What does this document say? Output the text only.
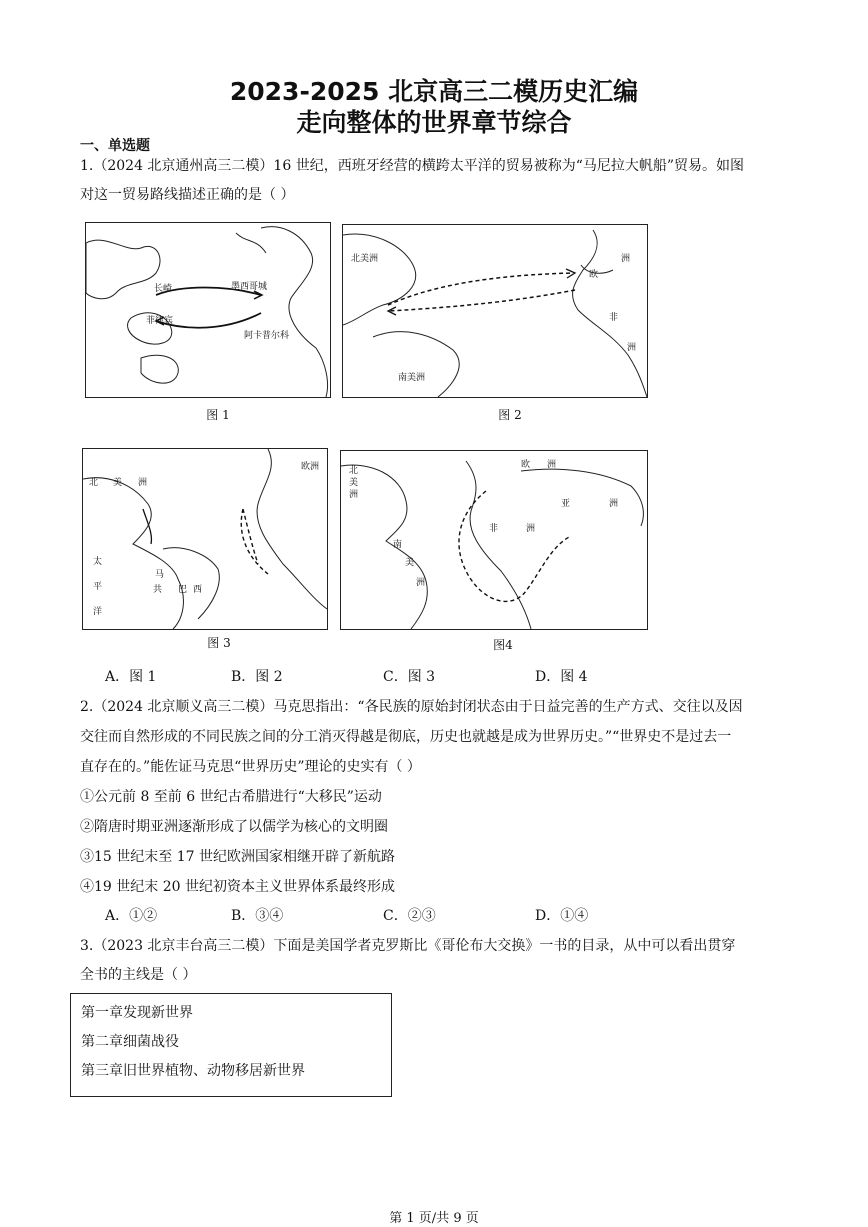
2023-2025 北京高三二模历史汇编
走向整体的世界章节综合
一、单选题
1.（2024 北京通州高三二模）16 世纪，西班牙经营的横跨太平洋的贸易被称为“马尼拉大帆船”贸易。如图
对这一贸易路线描述正确的是（ ）
长崎	墨西哥城
菲律宾
阿卡普尔科
图 1
北美洲
欧
洲
非
洲
南美洲
图 2
北 美 洲
欧洲
太
平
洋
马
共 巴 西
图 3
北
美
洲
欧 洲
亚	洲
非	洲
南
美
洲
图4
A．图 1	B．图 2	C．图 3	D．图 4
2.（2024 北京顺义高三二模）马克思指出：“各民族的原始封闭状态由于日益完善的生产方式、交往以及因
交往而自然形成的不同民族之间的分工消灭得越是彻底，历史也就越是成为世界历史。”“世界史不是过去一
直存在的。”能佐证马克思“世界历史”理论的史实有（ ）
①公元前 8 至前 6 世纪古希腊进行“大移民”运动
②隋唐时期亚洲逐渐形成了以儒学为核心的文明圈
③15 世纪末至 17 世纪欧洲国家相继开辟了新航路
④19 世纪末 20 世纪初资本主义世界体系最终形成
A．①②	B．③④	C．②③	D．①④
3.（2023 北京丰台高三二模）下面是美国学者克罗斯比《哥伦布大交换》一书的目录，从中可以看出贯穿
全书的主线是（ ）
第一章发现新世界
第二章细菌战役
第三章旧世界植物、动物移居新世界
第 1 页/共 9 页
